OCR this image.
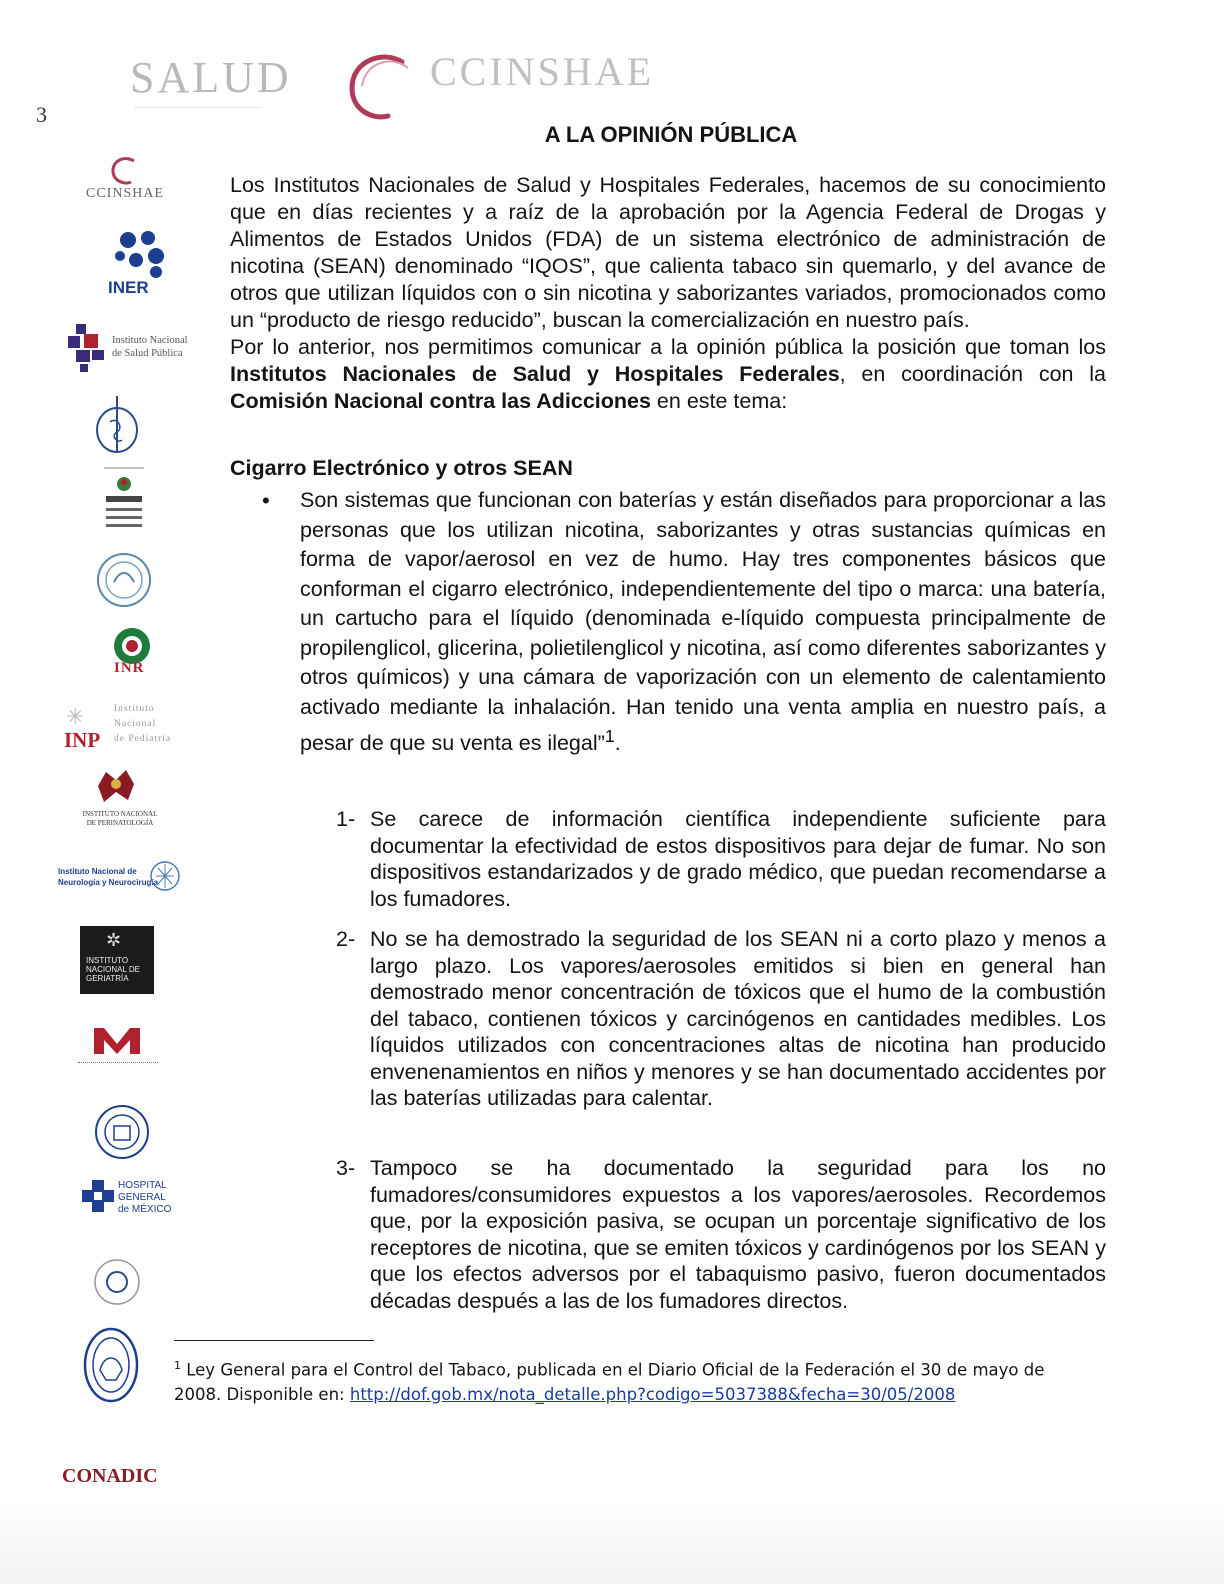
3
SALUD
————————————————
CCINSHAE
A LA OPINIÓN PÚBLICA

Los Institutos Nacionales de Salud y Hospitales Federales, hacemos de su conocimiento que en días recientes y a raíz de la aprobación por la Agencia Federal de Drogas y Alimentos de Estados Unidos (FDA) de un sistema electrónico de administración de nicotina (SEAN) denominado “IQOS”, que calienta tabaco sin quemarlo, y del avance de otros que utilizan líquidos con o sin nicotina y saborizantes variados, promocionados como un “producto de riesgo reducido”, buscan la comercialización en nuestro país.

Por lo anterior, nos permitimos comunicar a la opinión pública la posición que toman los Institutos Nacionales de Salud y Hospitales Federales, en coordinación con la Comisión Nacional contra las Adicciones en este tema:

Cigarro Electrónico y otros SEAN
• Son sistemas que funcionan con baterías y están diseñados para proporcionar a las personas que los utilizan nicotina, saborizantes y otras sustancias químicas en forma de vapor/aerosol en vez de humo. Hay tres componentes básicos que conforman el cigarro electrónico, independientemente del tipo o marca: una batería, un cartucho para el líquido (denominada e-líquido compuesta principalmente de propilenglicol, glicerina, polietilenglicol y nicotina, así como diferentes saborizantes y otros químicos) y una cámara de vaporización con un elemento de calentamiento activado mediante la inhalación. Han tenido una venta amplia en nuestro país, a pesar de que su venta es ilegal”$^1$.

1- Se carece de información científica independiente suficiente para documentar la efectividad de estos dispositivos para dejar de fumar. No son dispositivos estandarizados y de grado médico, que puedan recomendarse a los fumadores.

2- No se ha demostrado la seguridad de los SEAN ni a corto plazo y menos a largo plazo. Los vapores/aerosoles emitidos si bien en general han demostrado menor concentración de tóxicos que el humo de la combustión del tabaco, contienen tóxicos y carcinógenos en cantidades medibles. Los líquidos utilizados con concentraciones altas de nicotina han producido envenenamientos en niños y menores y se han documentado accidentes por las baterías utilizadas para calentar.

3- Tampoco se ha documentado la seguridad para los no fumadores/consumidores expuestos a los vapores/aerosoles. Recordemos que, por la exposición pasiva, se ocupan un porcentaje significativo de los receptores de nicotina, que se emiten tóxicos y cardinógenos por los SEAN y que los efectos adversos por el tabaquismo pasivo, fueron documentados décadas después a las de los fumadores directos.

$^1$ Ley General para el Control del Tabaco, publicada en el Diario Oficial de la Federación el 30 de mayo de 2008. Disponible en: http://dof.gob.mx/nota_detalle.php?codigo=5037388&fecha=30/05/2008
CCINSHAE
INER
Instituto Nacional
de Salud Pública
INR
INP
✳	Instituto
Nacional
de Pediatría
INSTITUTO NACIONAL
DE PERINATOLOGÍA
Instituto Nacional de
Neurología y Neurocirugía
✲
INSTITUTO
NACIONAL DE
GERIATRÍA
HOSPITAL
GENERAL
de MÉXICO
CONADIC
